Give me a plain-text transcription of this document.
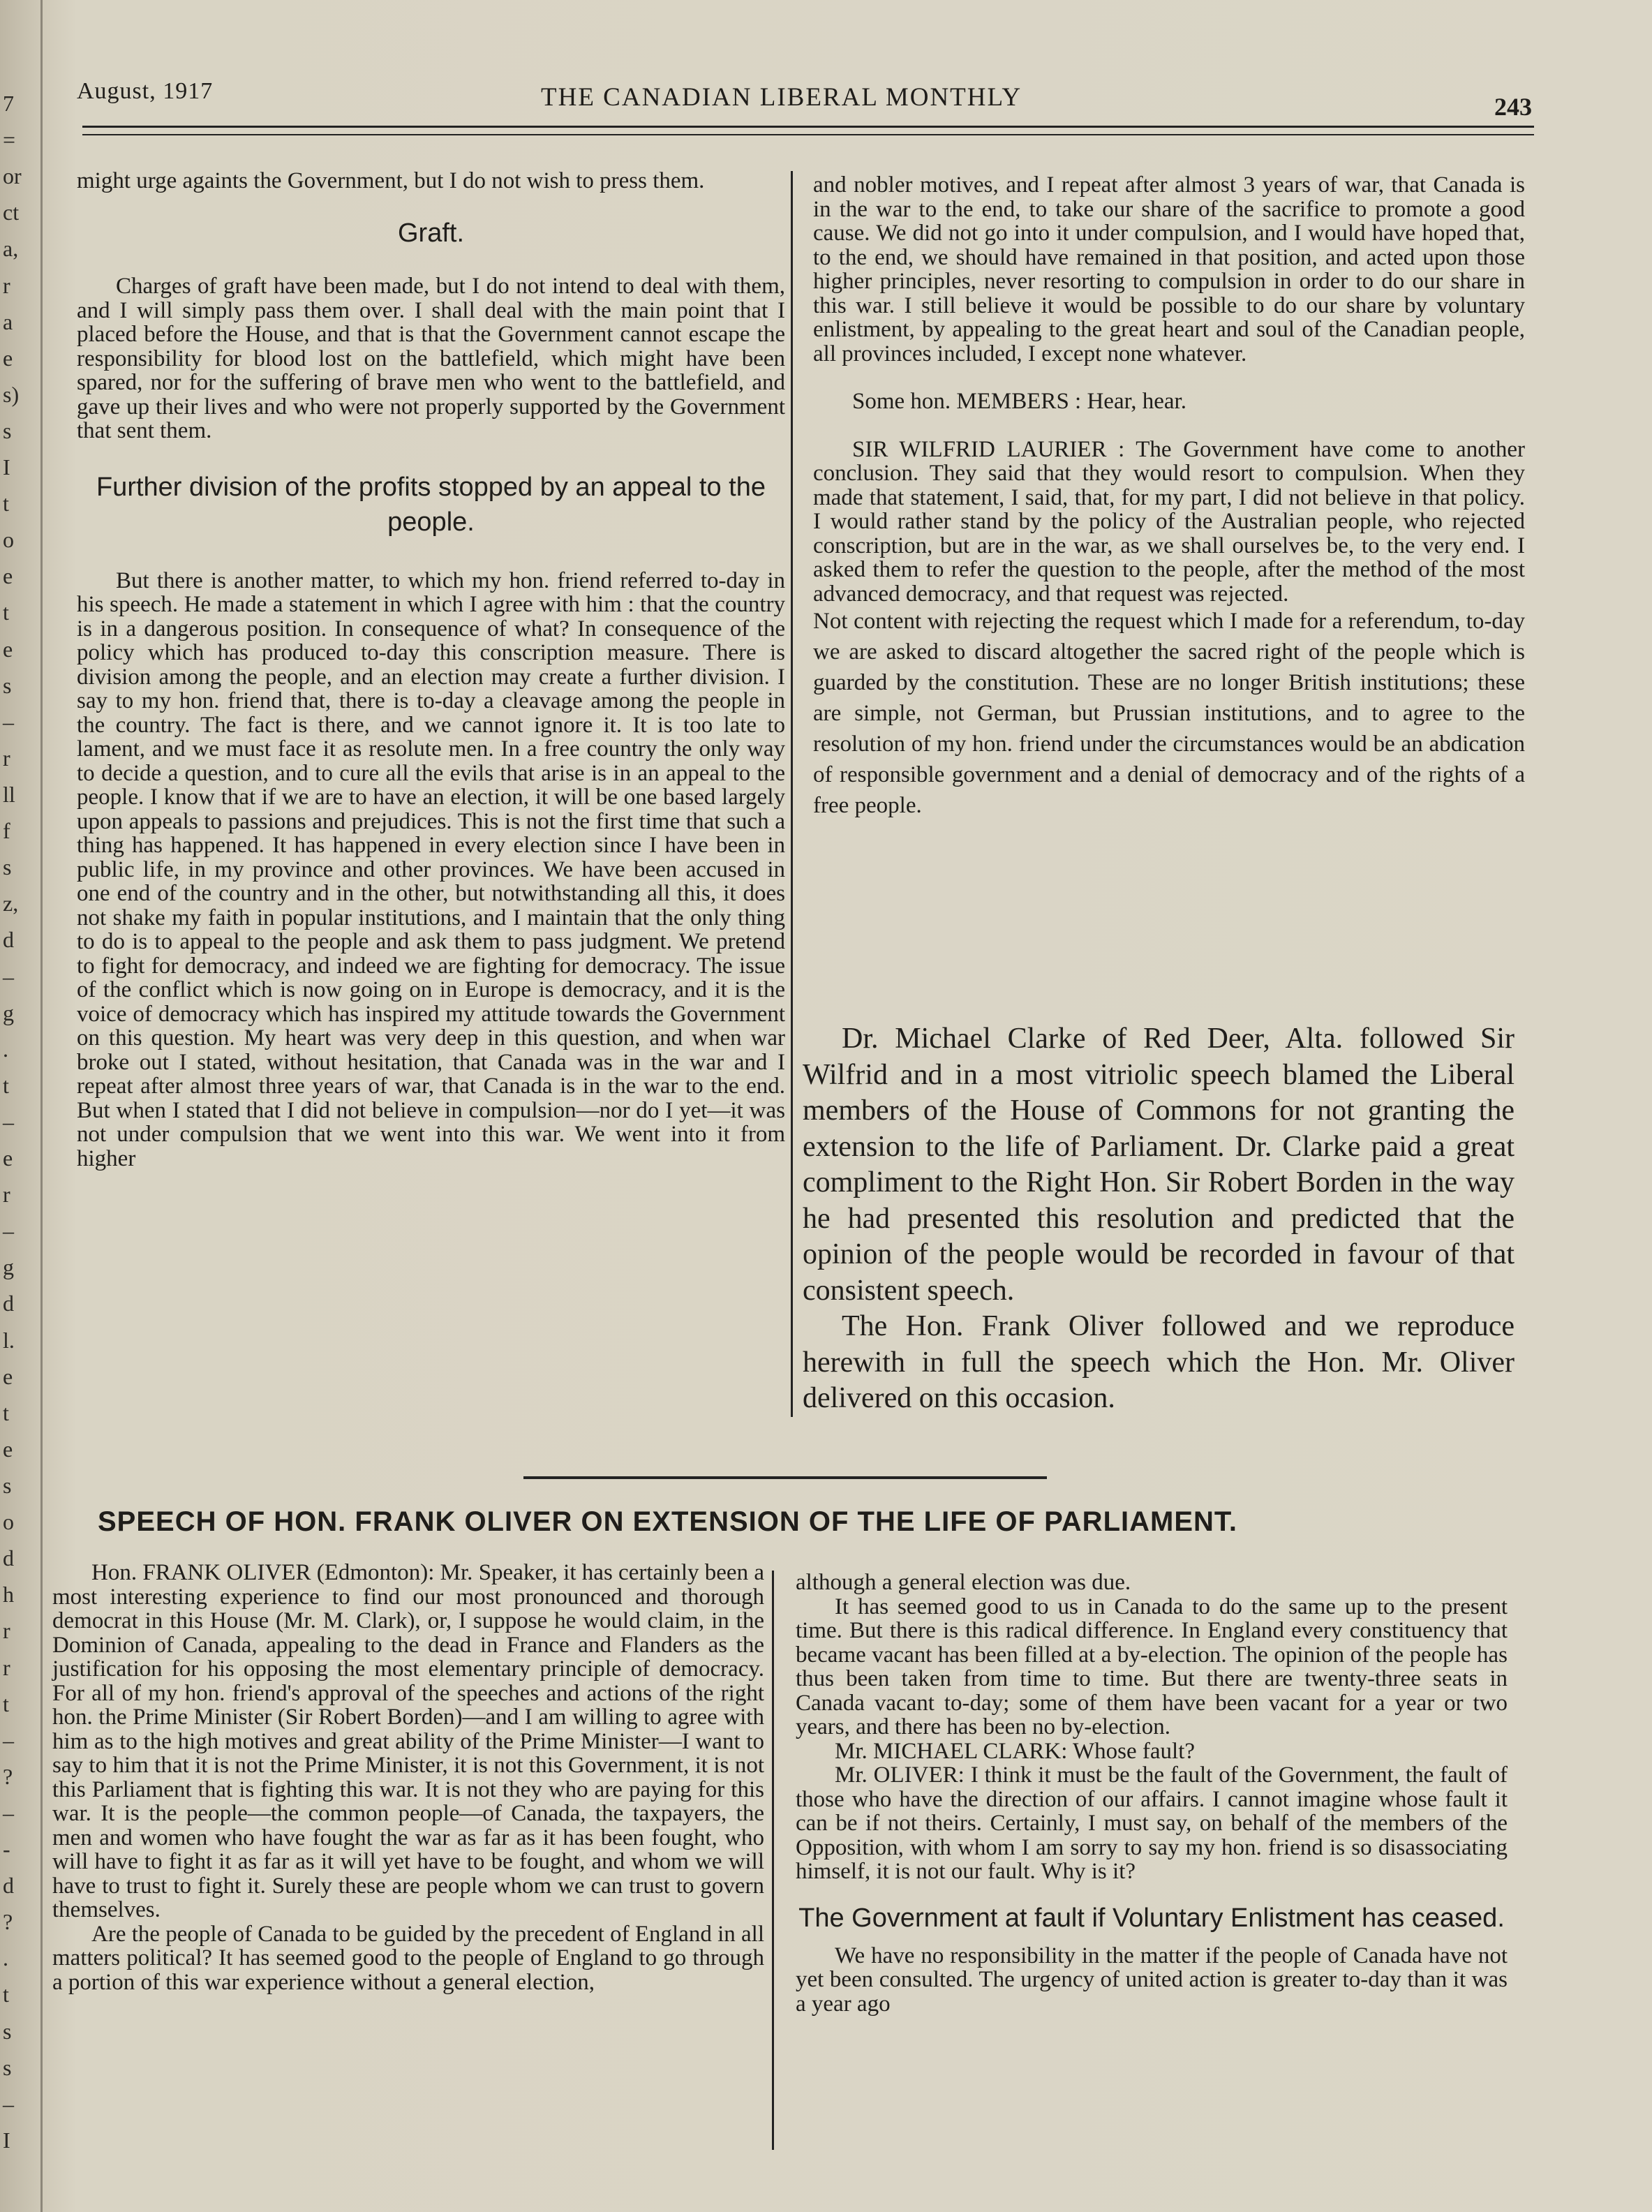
7
=
or
ct
a,
r
a
e
s)
s
I
t
o
e
t
e
s
–
r
ll
f
s
z,
d
–
g
.
t
–
e
r
–
g
d
l.
e
t
e
s
o
d
h
r
r
t
–
?
–
-
d
?
.
t
s
s
–
I
August, 1917	THE CANADIAN LIBERAL MONTHLY	243

might urge againts the Government, but I do not wish to press them.

Graft.

Charges of graft have been made, but I do not intend to deal with them, and I will simply pass them over. I shall deal with the main point that I placed before the House, and that is that the Government cannot escape the responsibility for blood lost on the battlefield, which might have been spared, nor for the suffering of brave men who went to the battlefield, and gave up their lives and who were not properly supported by the Government that sent them.

Further division of the profits stopped by an appeal to the people.

But there is another matter, to which my hon. friend referred to-day in his speech. He made a statement in which I agree with him : that the country is in a dangerous position. In consequence of what? In consequence of the policy which has produced to-day this conscription measure. There is division among the people, and an election may create a further division. I say to my hon. friend that, there is to-day a cleavage among the people in the country. The fact is there, and we cannot ignore it. It is too late to lament, and we must face it as resolute men. In a free country the only way to decide a question, and to cure all the evils that arise is in an appeal to the people. I know that if we are to have an election, it will be one based largely upon appeals to passions and prejudices. This is not the first time that such a thing has happened. It has happened in every election since I have been in public life, in my province and other provinces. We have been accused in one end of the country and in the other, but notwithstanding all this, it does not shake my faith in popular institutions, and I maintain that the only thing to do is to appeal to the people and ask them to pass judgment. We pretend to fight for democracy, and indeed we are fighting for democracy. The issue of the conflict which is now going on in Europe is democracy, and it is the voice of democracy which has inspired my attitude towards the Government on this question. My heart was very deep in this question, and when war broke out I stated, without hesitation, that Canada was in the war and I repeat after almost three years of war, that Canada is in the war to the end. But when I stated that I did not believe in compulsion—nor do I yet—it was not under compulsion that we went into this war. We went into it from higher

and nobler motives, and I repeat after almost 3 years of war, that Canada is in the war to the end, to take our share of the sacrifice to promote a good cause. We did not go into it under compulsion, and I would have hoped that, to the end, we should have remained in that position, and acted upon those higher principles, never resorting to compulsion in order to do our share in this war. I still believe it would be possible to do our share by voluntary enlistment, by appealing to the great heart and soul of the Canadian people, all provinces included, I except none whatever.

Some hon. MEMBERS : Hear, hear.

SIR WILFRID LAURIER : The Government have come to another conclusion. They said that they would resort to compulsion. When they made that statement, I said, that, for my part, I did not believe in that policy. I would rather stand by the policy of the Australian people, who rejected conscription, but are in the war, as we shall ourselves be, to the very end. I asked them to refer the question to the people, after the method of the most advanced democracy, and that request was rejected.

Not content with rejecting the request which I made for a referendum, to-day we are asked to discard altogether the sacred right of the people which is guarded by the constitution. These are no longer British institutions; these are simple, not German, but Prussian institutions, and to agree to the resolution of my hon. friend under the circumstances would be an abdication of responsible government and a denial of democracy and of the rights of a free people.

Dr. Michael Clarke of Red Deer, Alta. followed Sir Wilfrid and in a most vitriolic speech blamed the Liberal members of the House of Commons for not granting the extension to the life of Parliament. Dr. Clarke paid a great compliment to the Right Hon. Sir Robert Borden in the way he had presented this resolution and predicted that the opinion of the people would be recorded in favour of that consistent speech.

The Hon. Frank Oliver followed and we reproduce herewith in full the speech which the Hon. Mr. Oliver delivered on this occasion.

SPEECH OF HON. FRANK OLIVER ON EXTENSION OF THE LIFE OF PARLIAMENT.

Hon. FRANK OLIVER (Edmonton): Mr. Speaker, it has certainly been a most interesting experience to find our most pronounced and thorough democrat in this House (Mr. M. Clark), or, I suppose he would claim, in the Dominion of Canada, appealing to the dead in France and Flanders as the justification for his opposing the most elementary principle of democracy. For all of my hon. friend's approval of the speeches and actions of the right hon. the Prime Minister (Sir Robert Borden)—and I am willing to agree with him as to the high motives and great ability of the Prime Minister—I want to say to him that it is not the Prime Minister, it is not this Government, it is not this Parliament that is fighting this war. It is not they who are paying for this war. It is the people—the common people—of Canada, the taxpayers, the men and women who have fought the war as far as it has been fought, who will have to fight it as far as it will yet have to be fought, and whom we will have to trust to fight it. Surely these are people whom we can trust to govern themselves.

Are the people of Canada to be guided by the precedent of England in all matters political? It has seemed good to the people of England to go through a portion of this war experience without a general election,

although a general election was due.

It has seemed good to us in Canada to do the same up to the present time. But there is this radical difference. In England every constituency that became vacant has been filled at a by-election. The opinion of the people has thus been taken from time to time. But there are twenty-three seats in Canada vacant to-day; some of them have been vacant for a year or two years, and there has been no by-election.

Mr. MICHAEL CLARK: Whose fault?

Mr. OLIVER: I think it must be the fault of the Government, the fault of those who have the direction of our affairs. I cannot imagine whose fault it can be if not theirs. Certainly, I must say, on behalf of the members of the Opposition, with whom I am sorry to say my hon. friend is so disassociating himself, it is not our fault. Why is it?

The Government at fault if Voluntary Enlistment has ceased.

We have no responsibility in the matter if the people of Canada have not yet been consulted. The urgency of united action is greater to-day than it was a year ago
